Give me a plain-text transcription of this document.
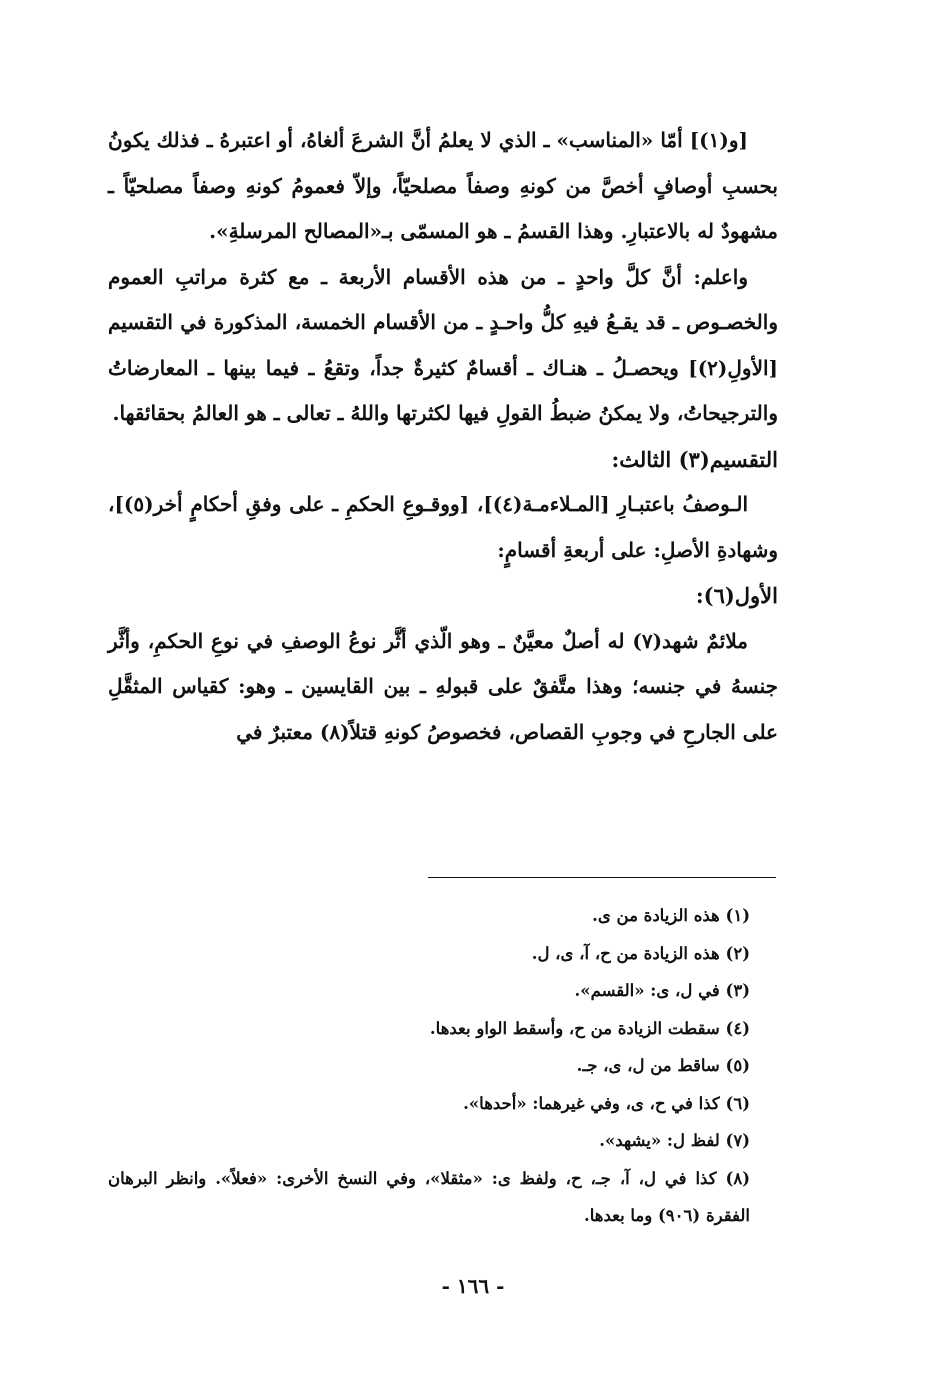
[و(١)] أمّا «المناسب» ـ الذي لا يعلمُ أنَّ الشرعَ ألغاهُ، أو اعتبرهُ ـ فذلك يكونُ بحسبِ أوصافٍ أخصَّ من كونهِ وصفاً مصلحيّاً، وإلاّ فعمومُ كونهِ وصفاً مصلحيّاً ـ مشهودٌ له بالاعتبارِ. وهذا القسمُ ـ هو المسمّى بـ«المصالح المرسلةِ».

واعلم: أنَّ كلَّ واحدٍ ـ من هذه الأقسام الأربعة ـ مع كثرة مراتبِ العموم والخصـوص ـ قد يقـعُ فيهِ كلُّ واحـدٍ ـ من الأقسام الخمسة، المذكورة في التقسيم [الأولِ(٢)] ويحصـلُ ـ هنـاك ـ أقسامٌ كثيرةٌ جداً، وتقعُ ـ فيما بينها ـ المعارضاتُ والترجيحاتُ، ولا يمكنُ ضبطُ القولِ فيها لكثرتها واللهُ ـ تعالى ـ هو العالمُ بحقائقها.

التقسيم(٣) الثالث:

الـوصفُ باعتبـارِ [المـلاءمـة(٤)]، [ووقـوعِ الحكمِ ـ على وفقِ أحكامٍ أخر(٥)]، وشهادةِ الأصلِ: على أربعةِ أقسامٍ:

الأول(٦):

ملائمٌ شهد(٧) له أصلٌ معيَّنٌ ـ وهو الّذي أثَّر نوعُ الوصفِ في نوعِ الحكمِ، وأثَّر جنسهُ في جنسه؛ وهذا متَّفقٌ على قبولهِ ـ بين القايسين ـ وهو: كقياس المثقَّلِ على الجارحِ في وجوبِ القصاص، فخصوصُ كونهِ قتلاً(٨) معتبرٌ في

(١) هذه الزيادة من ى.

(٢) هذه الزيادة من ح، آ، ى، ل.

(٣) في ل، ى: «القسم».

(٤) سقطت الزيادة من ح، وأسقط الواو بعدها.

(٥) ساقط من ل، ى، جـ.

(٦) كذا في ح، ى، وفي غيرهما: «أحدها».

(٧) لفظ ل: «يشهد».

(٨) كذا في ل، آ، جـ، ح، ولفظ ى: «مثقلا»، وفي النسخ الأخرى: «فعلاً». وانظر البرهان الفقرة (٩٠٦) وما بعدها.

- ١٦٦ -
